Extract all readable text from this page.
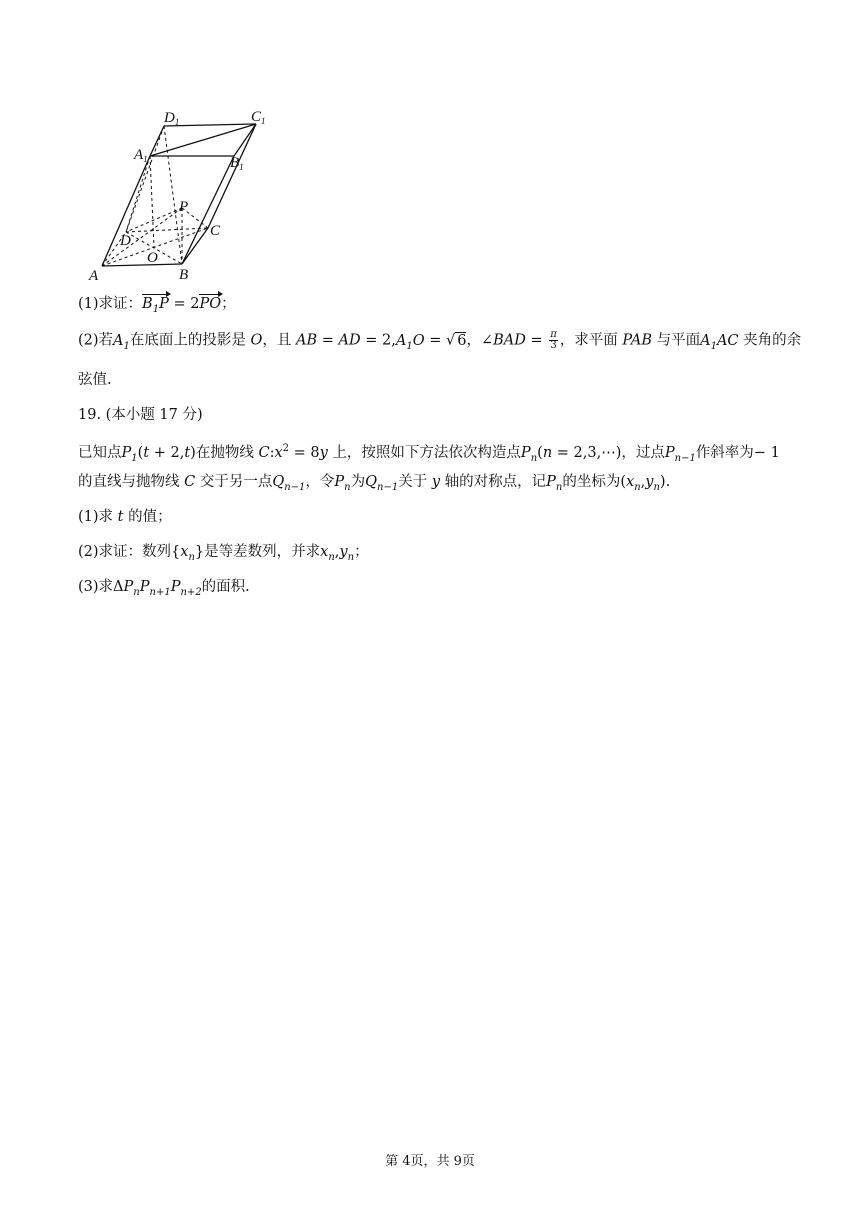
$D_1$	$C_1$
$A_1$	$B_1$
P
D
C
O
A	B
(1)求证：$B_1P = 2PO$；
(2)若$A_1$在底面上的投影是 O，且 AB = AD = $2,A_1O$ = √ 6，∠BAD = $\frac{\pi}{3}$ ，求平面 PAB 与平面$A_1AC$ 夹角的余
弦值.
19. (本小题 17 分)
已知点$P_1(t + 2,t)$在抛物线 $C:x^2 = 8y$ 上，按照如下方法依次构造点$P_n(n$ = 2,3,⋯)，过点$P_{n-1}$作斜率为− 1
的直线与抛物线 C 交于另一点$Q_{n-1}$，令$P_n$为$Q_{n-1}$关于 y 轴的对称点，记$P_n$的坐标为$(x_n,y_n)$.
(1)求 t 的值；
(2)求证：数列$\{x_n\}$是等差数列，并求$x_n,y_n$；
(3)求$\Delta P_nP_{n+1}P_{n+2}$的面积.
第 4页，共 9页
